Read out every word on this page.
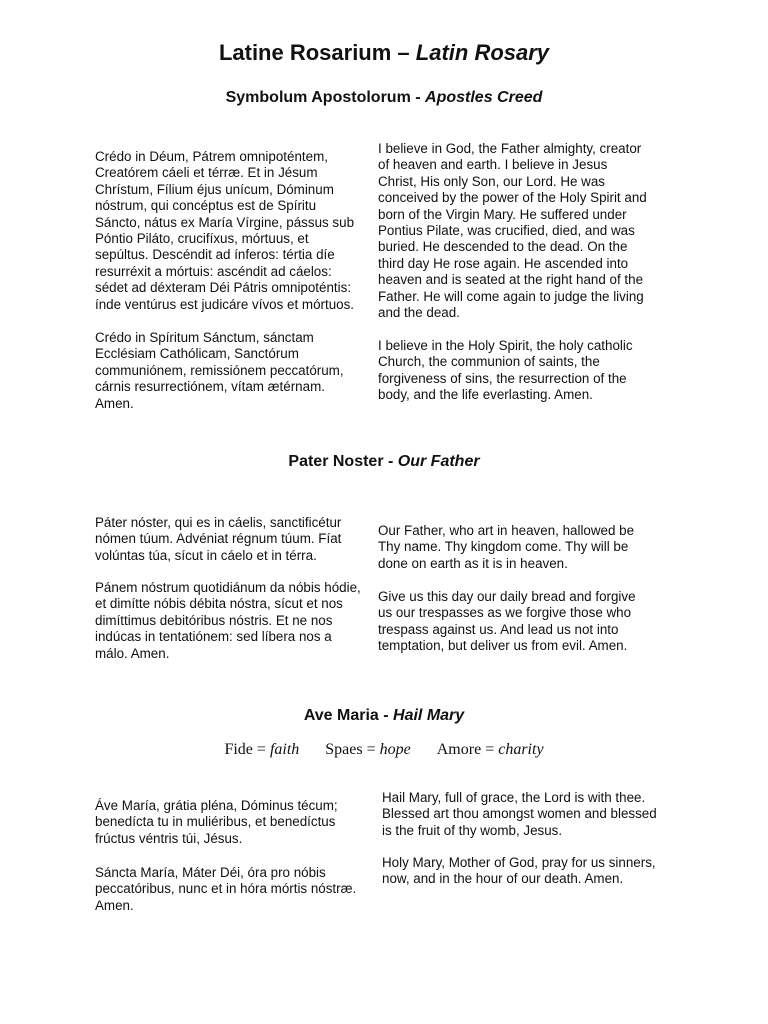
Latine Rosarium – Latin Rosary
Symbolum Apostolorum - Apostles Creed

Crédo in Déum, Pátrem omnipoténtem,
Creatórem cáeli et térræ. Et in Jésum
Chrístum, Fílium éjus unícum, Dóminum
nóstrum, qui concéptus est de Spíritu
Sáncto, nátus ex María Vírgine, pássus sub
Póntio Piláto, crucifíxus, mórtuus, et
sepúltus. Descéndit ad ínferos: tértia díe
resurréxit a mórtuis: ascéndit ad cáelos:
sédet ad déxteram Déi Pátris omnipoténtis:
índe ventúrus est judicáre vívos et mórtuos.

Crédo in Spíritum Sánctum, sánctam
Ecclésiam Cathólicam, Sanctórum
communiónem, remissiónem peccatórum,
cárnis resurrectiónem, vítam ætérnam.
Amen.

I believe in God, the Father almighty, creator
of heaven and earth. I believe in Jesus
Christ, His only Son, our Lord. He was
conceived by the power of the Holy Spirit and
born of the Virgin Mary. He suffered under
Pontius Pilate, was crucified, died, and was
buried. He descended to the dead. On the
third day He rose again. He ascended into
heaven and is seated at the right hand of the
Father. He will come again to judge the living
and the dead.

I believe in the Holy Spirit, the holy catholic
Church, the communion of saints, the
forgiveness of sins, the resurrection of the
body, and the life everlasting. Amen.

Pater Noster - Our Father

Páter nóster, qui es in cáelis, sanctificétur
nómen túum. Advéniat régnum túum. Fíat
volúntas túa, sícut in cáelo et in térra.

Pánem nóstrum quotidiánum da nóbis hódie,
et dimítte nóbis débita nóstra, sícut et nos
dimíttimus debitóribus nóstris. Et ne nos
indúcas in tentatiónem: sed líbera nos a
málo. Amen.

Our Father, who art in heaven, hallowed be
Thy name. Thy kingdom come. Thy will be
done on earth as it is in heaven.

Give us this day our daily bread and forgive
us our trespasses as we forgive those who
trespass against us. And lead us not into
temptation, but deliver us from evil. Amen.

Ave Maria - Hail Mary
Fide = faith Spaes = hope Amore = charity

Áve María, grátia pléna, Dóminus técum;
benedícta tu in muliéribus, et benedíctus
frúctus véntris túi, Jésus.

Sáncta María, Máter Déi, óra pro nóbis
peccatóribus, nunc et in hóra mórtis nóstræ.
Amen.

Hail Mary, full of grace, the Lord is with thee.
Blessed art thou amongst women and blessed
is the fruit of thy womb, Jesus.

Holy Mary, Mother of God, pray for us sinners,
now, and in the hour of our death. Amen.
